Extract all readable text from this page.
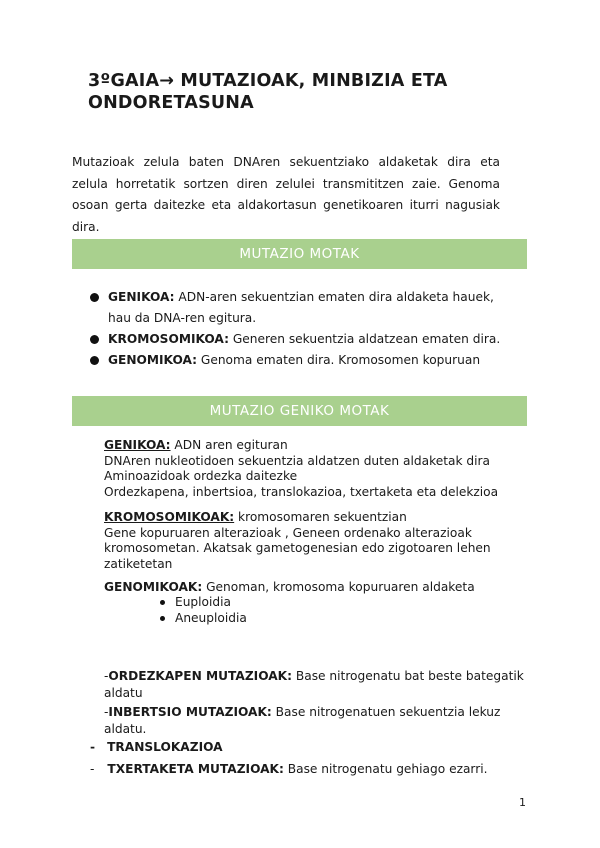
3ºGAIA→ MUTAZIOAK, MINBIZIA ETA ONDORETASUNA
Mutazioak zelula baten DNAren sekuentziako aldaketak dira eta zelula horretatik sortzen diren zelulei transmititzen zaie. Genoma osoan gerta daitezke eta aldakortasun genetikoaren iturri nagusiak dira.
MUTAZIO MOTAK
GENIKOA: ADN-aren sekuentzian ematen dira aldaketa hauek, hau da DNA-ren egitura.
KROMOSOMIKOA: Generen sekuentzia aldatzean ematen dira.
GENOMIKOA: Genoma ematen dira. Kromosomen kopuruan
MUTAZIO GENIKO MOTAK
GENIKOA: ADN aren egituran
DNAren nukleotidoen sekuentzia aldatzen duten aldaketak dira
Aminoazidoak ordezka daitezke
Ordezkapena, inbertsioa, translokazioa, txertaketa eta delekzioa
KROMOSOMIKOAK: kromosomaren sekuentzian
Gene kopuruaren alterazioak , Geneen ordenako alterazioak kromosometan. Akatsak gametogenesian edo zigotoaren lehen zatiketetan
GENOMIKOAK: Genoman, kromosoma kopuruaren aldaketa
Euploidia
Aneuploidia
-ORDEZKAPEN MUTAZIOAK: Base nitrogenatu bat beste bategatik aldatu
-INBERTSIO MUTAZIOAK: Base nitrogenatuen sekuentzia lekuz aldatu.
- TRANSLOKAZIOA
- TXERTAKETA MUTAZIOAK: Base nitrogenatu gehiago ezarri.
1
